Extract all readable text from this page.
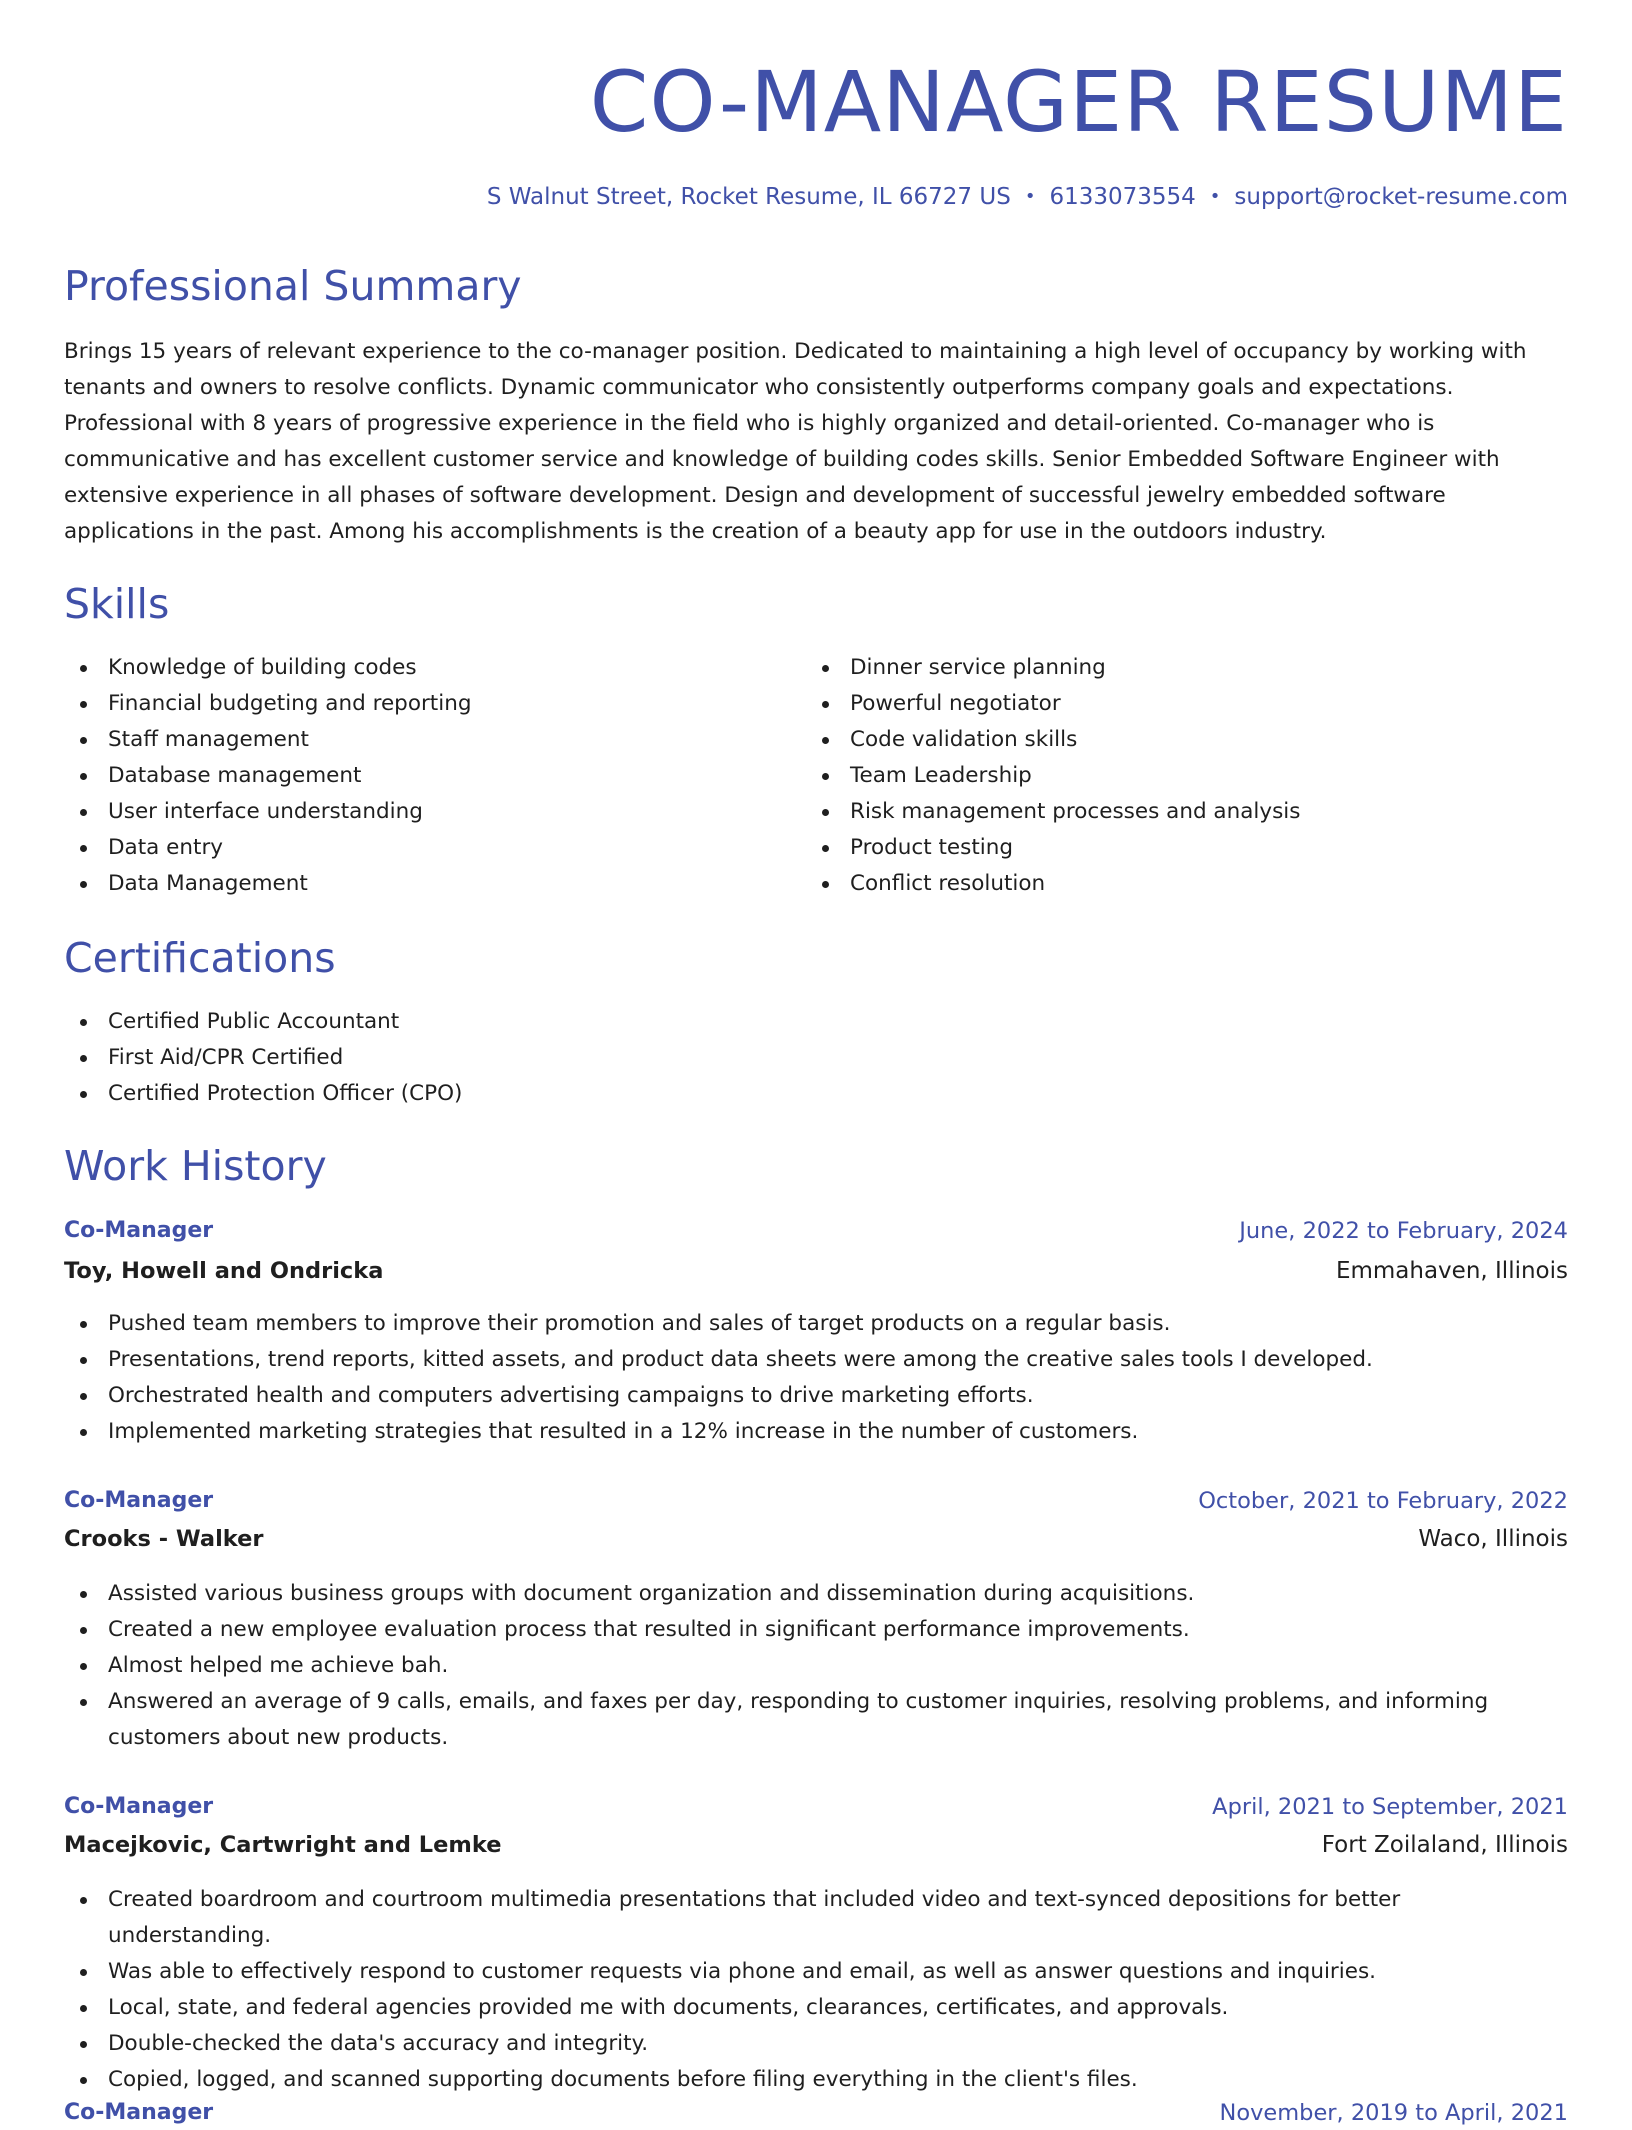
CO-MANAGER RESUME
S Walnut Street, Rocket Resume, IL 66727 US • 6133073554 • support@rocket-resume.com
Professional Summary

Brings 15 years of relevant experience to the co-manager position. Dedicated to maintaining a high level of occupancy by working with tenants and owners to resolve conflicts. Dynamic communicator who consistently outperforms company goals and expectations. Professional with 8 years of progressive experience in the field who is highly organized and detail-oriented. Co-manager who is communicative and has excellent customer service and knowledge of building codes skills. Senior Embedded Software Engineer with extensive experience in all phases of software development. Design and development of successful jewelry embedded software applications in the past. Among his accomplishments is the creation of a beauty app for use in the outdoors industry.

Skills
Knowledge of building codes
Financial budgeting and reporting
Staff management
Database management
User interface understanding
Data entry
Data Management
Dinner service planning
Powerful negotiator
Code validation skills
Team Leadership
Risk management processes and analysis
Product testing
Conflict resolution
Certifications
Certified Public Accountant
First Aid/CPR Certified
Certified Protection Officer (CPO)
Work History
Co-Manager	June, 2022 to February, 2024
Toy, Howell and Ondricka	Emmahaven, Illinois
Pushed team members to improve their promotion and sales of target products on a regular basis.
Presentations, trend reports, kitted assets, and product data sheets were among the creative sales tools I developed.
Orchestrated health and computers advertising campaigns to drive marketing efforts.
Implemented marketing strategies that resulted in a 12% increase in the number of customers.
Co-Manager	October, 2021 to February, 2022
Crooks - Walker	Waco, Illinois
Assisted various business groups with document organization and dissemination during acquisitions.
Created a new employee evaluation process that resulted in significant performance improvements.
Almost helped me achieve bah.
Answered an average of 9 calls, emails, and faxes per day, responding to customer inquiries, resolving problems, and informing customers about new products.
Co-Manager	April, 2021 to September, 2021
Macejkovic, Cartwright and Lemke	Fort Zoilaland, Illinois
Created boardroom and courtroom multimedia presentations that included video and text-synced depositions for better understanding.
Was able to effectively respond to customer requests via phone and email, as well as answer questions and inquiries.
Local, state, and federal agencies provided me with documents, clearances, certificates, and approvals.
Double-checked the data's accuracy and integrity.
Copied, logged, and scanned supporting documents before filing everything in the client's files.
Co-Manager	November, 2019 to April, 2021
